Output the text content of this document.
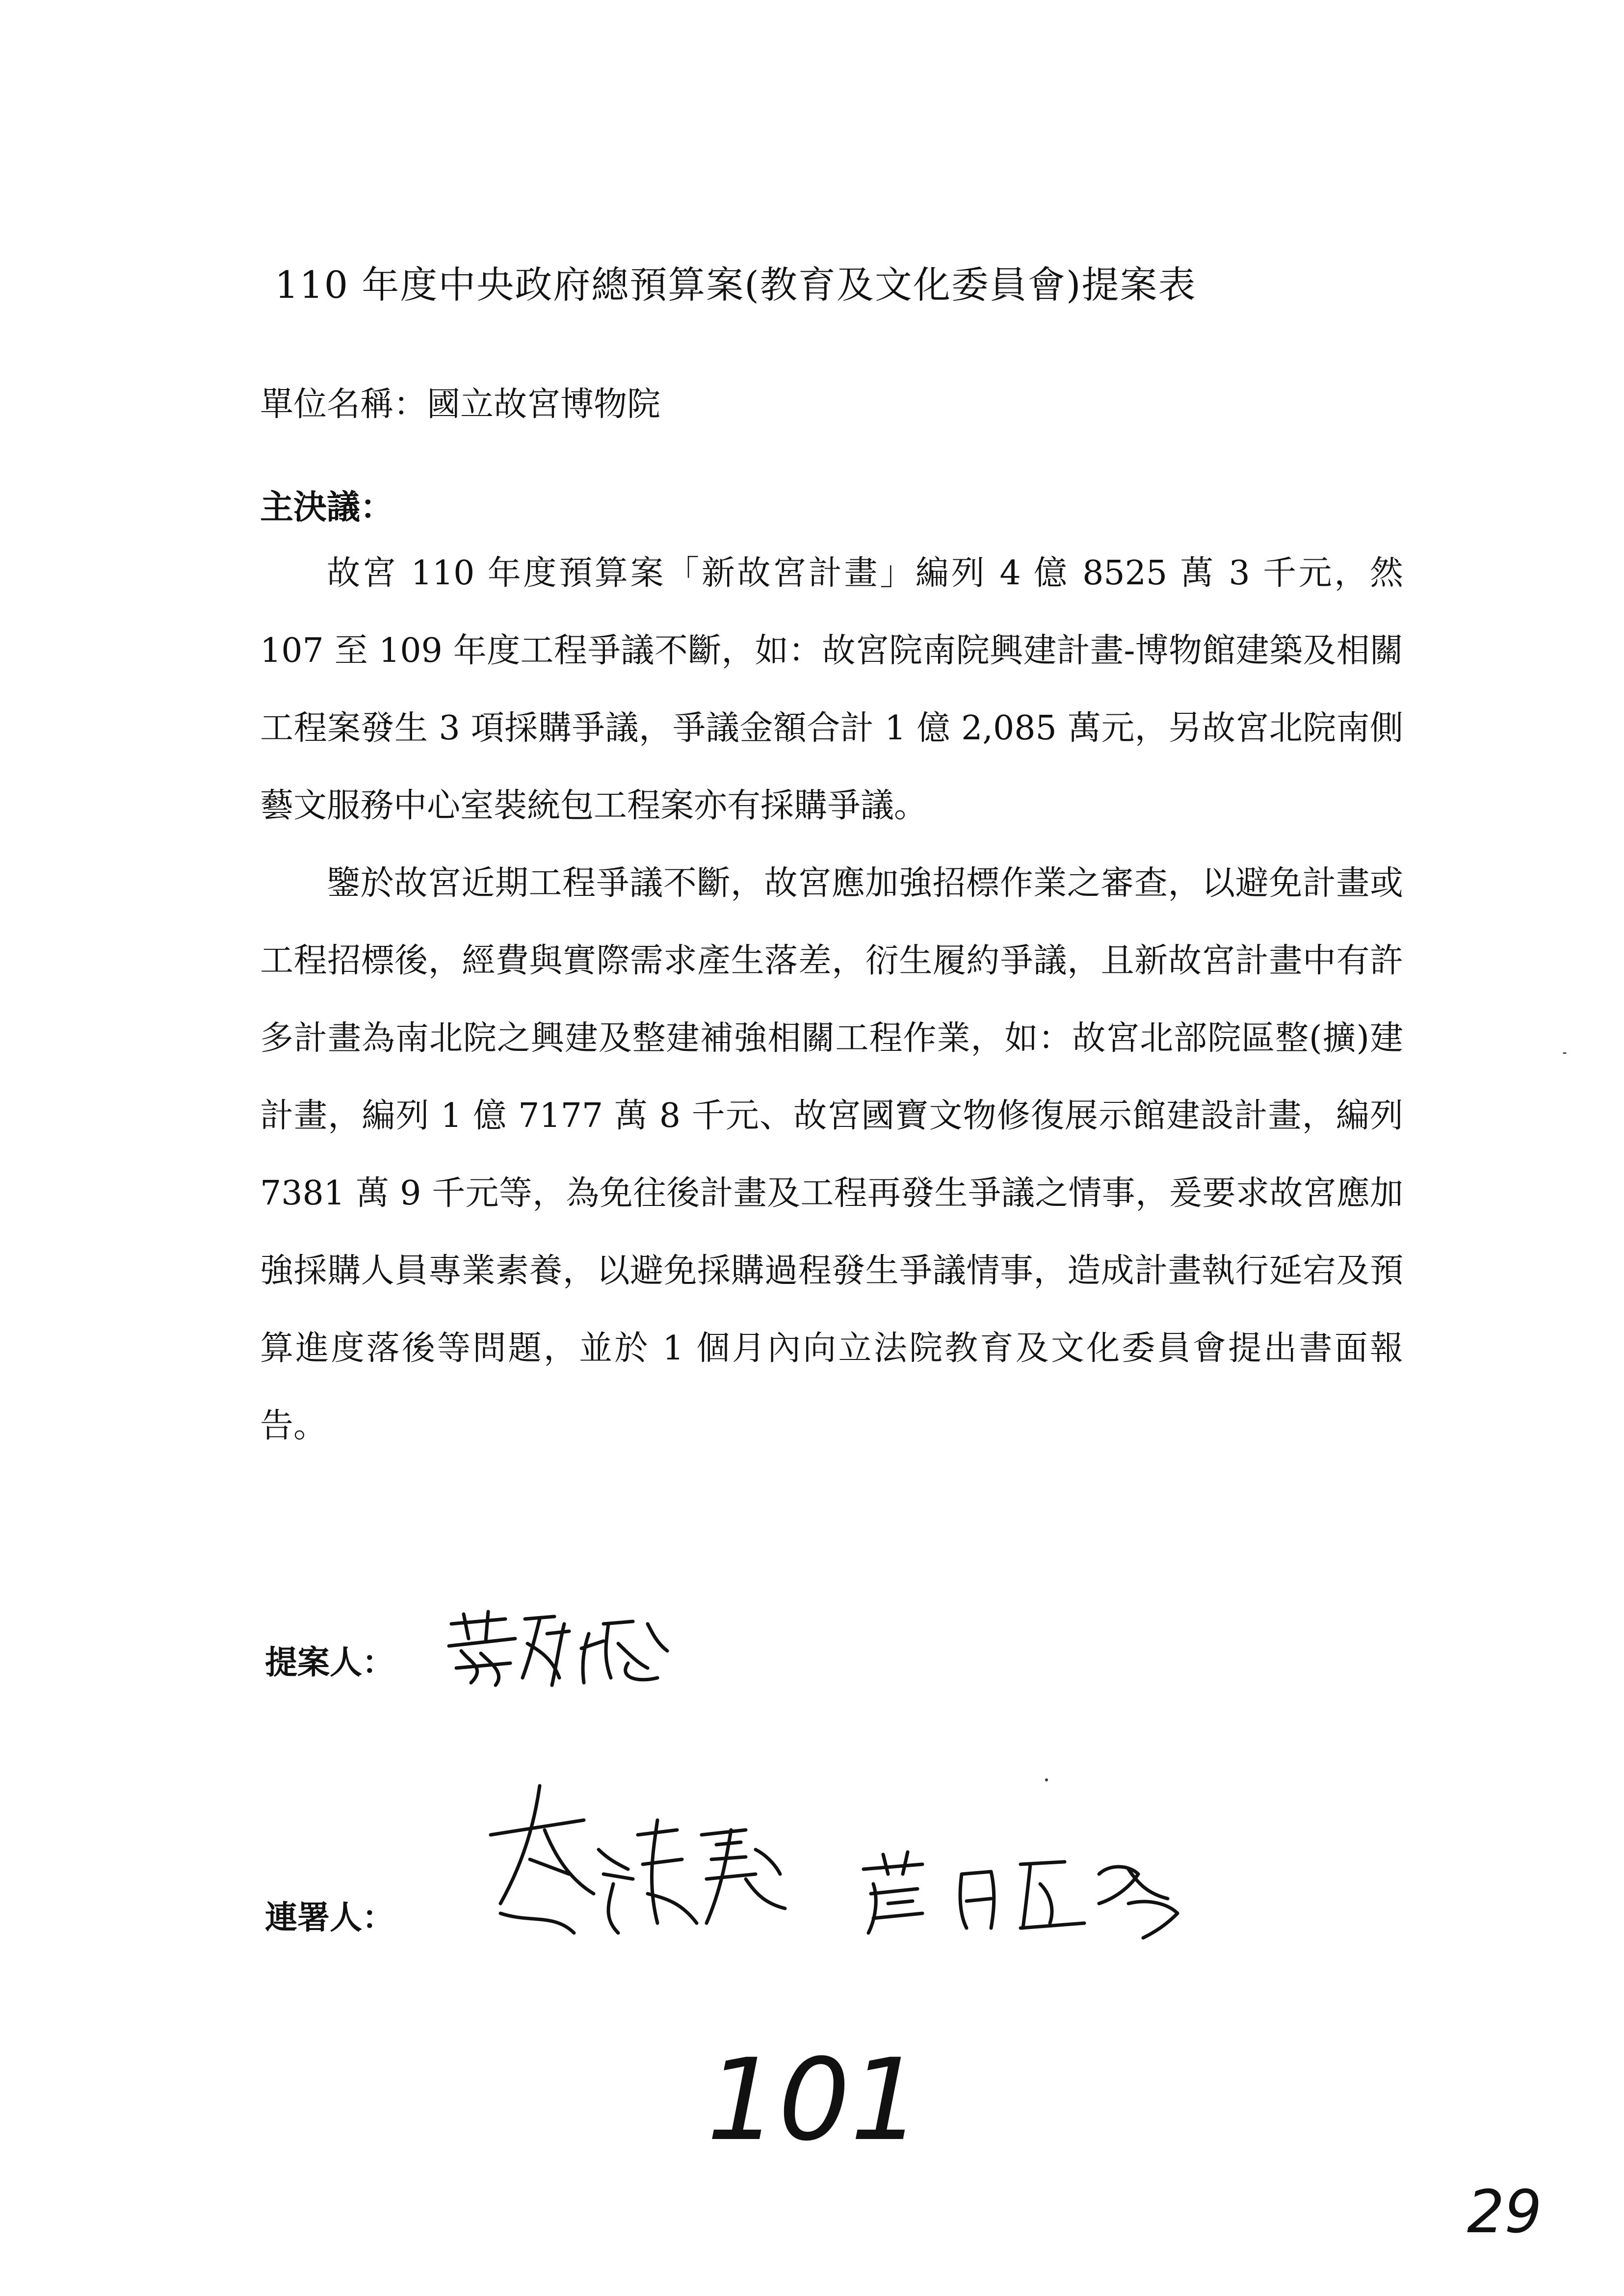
110 年度中央政府總預算案(教育及文化委員會)提案表
單位名稱：國立故宮博物院
主決議：

故宮 110 年度預算案「新故宮計畫」編列 4 億 8525 萬 3 千元，然 107 至 109 年度工程爭議不斷，如：故宮院南院興建計畫-博物館建築及相關工程案發生 3 項採購爭議，爭議金額合計 1 億 2,085 萬元，另故宮北院南側藝文服務中心室裝統包工程案亦有採購爭議。

鑒於故宮近期工程爭議不斷，故宮應加強招標作業之審查，以避免計畫或工程招標後，經費與實際需求產生落差，衍生履約爭議，且新故宮計畫中有許多計畫為南北院之興建及整建補強相關工程作業，如：故宮北部院區整(擴)建計畫，編列 1 億 7177 萬 8 千元、故宮國寶文物修復展示館建設計畫，編列 7381 萬 9 千元等，為免往後計畫及工程再發生爭議之情事，爰要求故宮應加強採購人員專業素養，以避免採購過程發生爭議情事，造成計畫執行延宕及預算進度落後等問題，並於 1 個月內向立法院教育及文化委員會提出書面報告。

提案人：
連署人：
101
29
